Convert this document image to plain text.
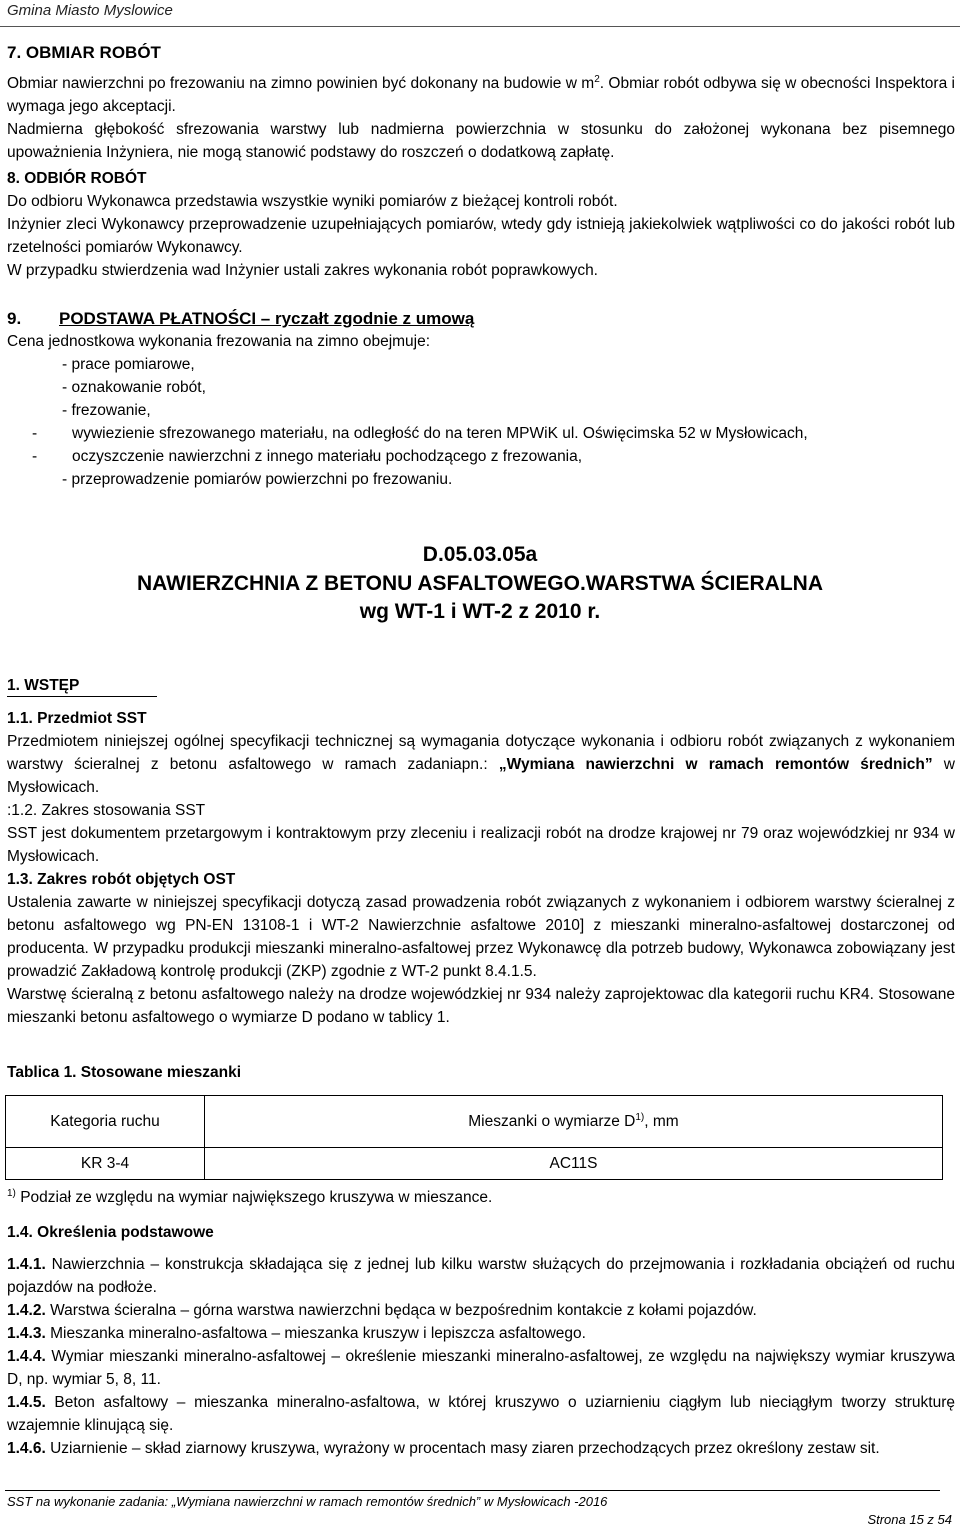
Gmina Miasto Myslowice

7. OBMIAR ROBÓT

Obmiar nawierzchni po frezowaniu na zimno powinien być dokonany na budowie w $m^2$. Obmiar robót odbywa się w obecności Inspektora i wymaga jego akceptacji.

Nadmierna głębokość sfrezowania warstwy lub nadmierna powierzchnia w stosunku do założonej wykonana bez pisemnego upoważnienia Inżyniera, nie mogą stanowić podstawy do roszczeń o dodatkową zapłatę.

8. ODBIÓR ROBÓT

Do odbioru Wykonawca przedstawia wszystkie wyniki pomiarów z bieżącej kontroli robót.

Inżynier zleci Wykonawcy przeprowadzenie uzupełniających pomiarów, wtedy gdy istnieją jakiekolwiek wątpliwości co do jakości robót lub rzetelności pomiarów Wykonawcy.

W przypadku stwierdzenia wad Inżynier ustali zakres wykonania robót poprawkowych.

9. PODSTAWA PŁATNOŚCI – ryczałt zgodnie z umową

Cena jednostkowa wykonania frezowania na zimno obejmuje:

- prace pomiarowe,

- oznakowanie robót,

- frezowanie,

- wywiezienie sfrezowanego materiału, na odległość do na teren MPWiK ul. Oświęcimska 52 w Mysłowicach,

- oczyszczenie nawierzchni z innego materiału pochodzącego z frezowania,

- przeprowadzenie pomiarów powierzchni po frezowaniu.

D.05.03.05a
NAWIERZCHNIA Z BETONU ASFALTOWEGO.WARSTWA ŚCIERALNA
wg WT-1 i WT-2 z 2010 r.

1. WSTĘP

1.1. Przedmiot SST

Przedmiotem niniejszej ogólnej specyfikacji technicznej są wymagania dotyczące wykonania i odbioru robót związanych z wykonaniem warstwy ścieralnej z betonu asfaltowego w ramach zadaniapn.: „Wymiana nawierzchni w ramach remontów średnich” w Mysłowicach.

:1.2. Zakres stosowania SST

SST jest dokumentem przetargowym i kontraktowym przy zleceniu i realizacji robót na drodze krajowej nr 79 oraz wojewódzkiej nr 934 w Mysłowicach.

1.3. Zakres robót objętych OST

Ustalenia zawarte w niniejszej specyfikacji dotyczą zasad prowadzenia robót związanych z wykonaniem i odbiorem warstwy ścieralnej z betonu asfaltowego wg PN-EN 13108-1 i WT-2 Nawierzchnie asfaltowe 2010] z mieszanki mineralno-asfaltowej dostarczonej od producenta. W przypadku produkcji mieszanki mineralno-asfaltowej przez Wykonawcę dla potrzeb budowy, Wykonawca zobowiązany jest prowadzić Zakładową kontrolę produkcji (ZKP) zgodnie z WT-2 punkt 8.4.1.5.

Warstwę ścieralną z betonu asfaltowego należy na drodze wojewódzkiej nr 934 należy zaprojektowac dla kategorii ruchu KR4. Stosowane mieszanki betonu asfaltowego o wymiarze D podano w tablicy 1.

Tablica 1. Stosowane mieszanki
Kategoria ruchu	Mieszanki o wymiarze $D^{1)}$, mm
KR 3-4	AC11S
$^{1)}$ Podział ze względu na wymiar największego kruszywa w mieszance.

1.4. Określenia podstawowe

1.4.1. Nawierzchnia – konstrukcja składająca się z jednej lub kilku warstw służących do przejmowania i rozkładania obciążeń od ruchu pojazdów na podłoże.

1.4.2. Warstwa ścieralna – górna warstwa nawierzchni będąca w bezpośrednim kontakcie z kołami pojazdów.

1.4.3. Mieszanka mineralno-asfaltowa – mieszanka kruszyw i lepiszcza asfaltowego.

1.4.4. Wymiar mieszanki mineralno-asfaltowej – określenie mieszanki mineralno-asfaltowej, ze względu na największy wymiar kruszywa D, np. wymiar 5, 8, 11.

1.4.5. Beton asfaltowy – mieszanka mineralno-asfaltowa, w której kruszywo o uziarnieniu ciągłym lub nieciągłym tworzy strukturę wzajemnie klinującą się.

1.4.6. Uziarnienie – skład ziarnowy kruszywa, wyrażony w procentach masy ziaren przechodzących przez określony zestaw sit.

SST na wykonanie zadania: „Wymiana nawierzchni w ramach remontów średnich” w Mysłowicach -2016
Strona 15 z 54
